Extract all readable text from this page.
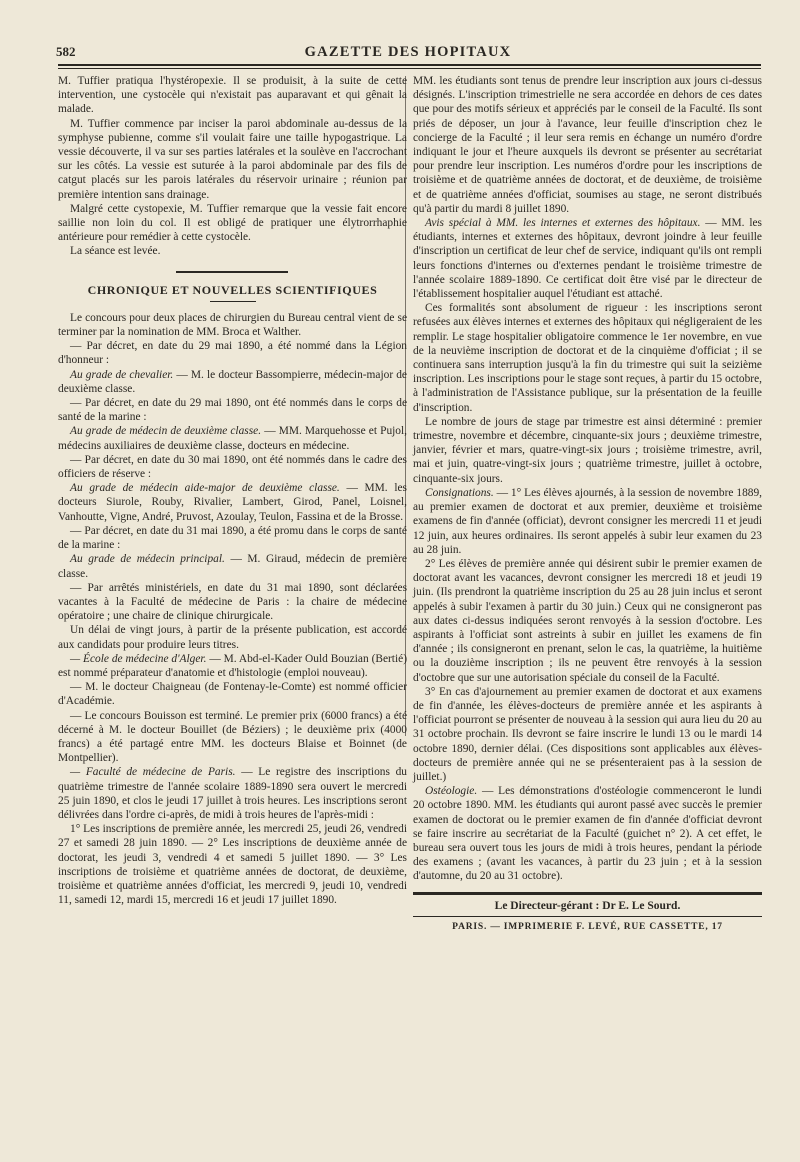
582	GAZETTE DES HOPITAUX

M. Tuffier pratiqua l'hystéropexie. Il se produisit, à la suite de cette intervention, une cystocèle qui n'existait pas auparavant et qui gênait la malade.

M. Tuffier commence par inciser la paroi abdominale au-dessus de la symphyse pubienne, comme s'il voulait faire une taille hypogastrique. La vessie découverte, il va sur ses parties latérales et la soulève en l'accrochant sur les côtés. La vessie est suturée à la paroi abdominale par des fils de catgut placés sur les parois latérales du réservoir urinaire ; réunion par première intention sans drainage.

Malgré cette cystopexie, M. Tuffier remarque que la vessie fait encore saillie non loin du col. Il est obligé de pratiquer une élytrorrhaphie antérieure pour remédier à cette cystocèle.

La séance est levée.

CHRONIQUE ET NOUVELLES SCIENTIFIQUES

Le concours pour deux places de chirurgien du Bureau central vient de se terminer par la nomination de MM. Broca et Walther.

— Par décret, en date du 29 mai 1890, a été nommé dans la Légion d'honneur :

Au grade de chevalier. — M. le docteur Bassompierre, médecin-major de deuxième classe.

— Par décret, en date du 29 mai 1890, ont été nommés dans le corps de santé de la marine :

Au grade de médecin de deuxième classe. — MM. Marquehosse et Pujol, médecins auxiliaires de deuxième classe, docteurs en médecine.

— Par décret, en date du 30 mai 1890, ont été nommés dans le cadre des officiers de réserve :

Au grade de médecin aide-major de deuxième classe. — MM. les docteurs Siurole, Rouby, Rivalier, Lambert, Girod, Panel, Loisnel, Vanhoutte, Vigne, André, Pruvost, Azoulay, Teulon, Fassina et de la Brosse.

— Par décret, en date du 31 mai 1890, a été promu dans le corps de santé de la marine :

Au grade de médecin principal. — M. Giraud, médecin de première classe.

— Par arrêtés ministériels, en date du 31 mai 1890, sont déclarées vacantes à la Faculté de médecine de Paris : la chaire de médecine opératoire ; une chaire de clinique chirurgicale.

Un délai de vingt jours, à partir de la présente publication, est accordé aux candidats pour produire leurs titres.

— École de médecine d'Alger. — M. Abd-el-Kader Ould Bouzian (Bertié) est nommé préparateur d'anatomie et d'histologie (emploi nouveau).

— M. le docteur Chaigneau (de Fontenay-le-Comte) est nommé officier d'Académie.

— Le concours Bouisson est terminé. Le premier prix (6000 francs) a été décerné à M. le docteur Bouillet (de Béziers) ; le deuxième prix (4000 francs) a été partagé entre MM. les docteurs Blaise et Boinnet (de Montpellier).

— Faculté de médecine de Paris. — Le registre des inscriptions du quatrième trimestre de l'année scolaire 1889-1890 sera ouvert le mercredi 25 juin 1890, et clos le jeudi 17 juillet à trois heures. Les inscriptions seront délivrées dans l'ordre ci-après, de midi à trois heures de l'après-midi :

1° Les inscriptions de première année, les mercredi 25, jeudi 26, vendredi 27 et samedi 28 juin 1890. — 2° Les inscriptions de deuxième année de doctorat, les jeudi 3, vendredi 4 et samedi 5 juillet 1890. — 3° Les inscriptions de troisième et quatrième années de doctorat, de deuxième, troisième et quatrième années d'officiat, les mercredi 9, jeudi 10, vendredi 11, samedi 12, mardi 15, mercredi 16 et jeudi 17 juillet 1890.

MM. les étudiants sont tenus de prendre leur inscription aux jours ci-dessus désignés. L'inscription trimestrielle ne sera accordée en dehors de ces dates que pour des motifs sérieux et appréciés par le conseil de la Faculté. Ils sont priés de déposer, un jour à l'avance, leur feuille d'inscription chez le concierge de la Faculté ; il leur sera remis en échange un numéro d'ordre indiquant le jour et l'heure auxquels ils devront se présenter au secrétariat pour prendre leur inscription. Les numéros d'ordre pour les inscriptions de troisième et de quatrième années de doctorat, et de deuxième, de troisième et de quatrième années d'officiat, soumises au stage, ne seront distribués qu'à partir du mardi 8 juillet 1890.

Avis spécial à MM. les internes et externes des hôpitaux. — MM. les étudiants, internes et externes des hôpitaux, devront joindre à leur feuille d'inscription un certificat de leur chef de service, indiquant qu'ils ont rempli leurs fonctions d'internes ou d'externes pendant le troisième trimestre de l'année scolaire 1889-1890. Ce certificat doit être visé par le directeur de l'établissement hospitalier auquel l'étudiant est attaché.

Ces formalités sont absolument de rigueur : les inscriptions seront refusées aux élèves internes et externes des hôpitaux qui négligeraient de les remplir. Le stage hospitalier obligatoire commence le 1er novembre, en vue de la neuvième inscription de doctorat et de la cinquième d'officiat ; il se continuera sans interruption jusqu'à la fin du trimestre qui suit la seizième inscription. Les inscriptions pour le stage sont reçues, à partir du 15 octobre, à l'administration de l'Assistance publique, sur la présentation de la feuille d'inscription.

Le nombre de jours de stage par trimestre est ainsi déterminé : premier trimestre, novembre et décembre, cinquante-six jours ; deuxième trimestre, janvier, février et mars, quatre-vingt-six jours ; troisième trimestre, avril, mai et juin, quatre-vingt-six jours ; quatrième trimestre, juillet à octobre, cinquante-six jours.

Consignations. — 1° Les élèves ajournés, à la session de novembre 1889, au premier examen de doctorat et aux premier, deuxième et troisième examens de fin d'année (officiat), devront consigner les mercredi 11 et jeudi 12 juin, aux heures ordinaires. Ils seront appelés à subir leur examen du 23 au 28 juin.

2° Les élèves de première année qui désirent subir le premier examen de doctorat avant les vacances, devront consigner les mercredi 18 et jeudi 19 juin. (Ils prendront la quatrième inscription du 25 au 28 juin inclus et seront appelés à subir l'examen à partir du 30 juin.) Ceux qui ne consigneront pas aux dates ci-dessus indiquées seront renvoyés à la session d'octobre. Les aspirants à l'officiat sont astreints à subir en juillet les examens de fin d'année ; ils consigneront en prenant, selon le cas, la quatrième, la huitième ou la douzième inscription ; ils ne peuvent être renvoyés à la session d'octobre que sur une autorisation spéciale du conseil de la Faculté.

3° En cas d'ajournement au premier examen de doctorat et aux examens de fin d'année, les élèves-docteurs de première année et les aspirants à l'officiat pourront se présenter de nouveau à la session qui aura lieu du 20 au 31 octobre prochain. Ils devront se faire inscrire le lundi 13 ou le mardi 14 octobre 1890, dernier délai. (Ces dispositions sont applicables aux élèves-docteurs de première année qui ne se présenteraient pas à la session de juillet.)

Ostéologie. — Les démonstrations d'ostéologie commenceront le lundi 20 octobre 1890. MM. les étudiants qui auront passé avec succès le premier examen de doctorat ou le premier examen de fin d'année d'officiat devront se faire inscrire au secrétariat de la Faculté (guichet n° 2). A cet effet, le bureau sera ouvert tous les jours de midi à trois heures, pendant la période des examens ; (avant les vacances, à partir du 23 juin ; et à la session d'automne, du 20 au 31 octobre).

Le Directeur-gérant : Dr E. Le Sourd.
PARIS. — IMPRIMERIE F. LEVÉ, RUE CASSETTE, 17
